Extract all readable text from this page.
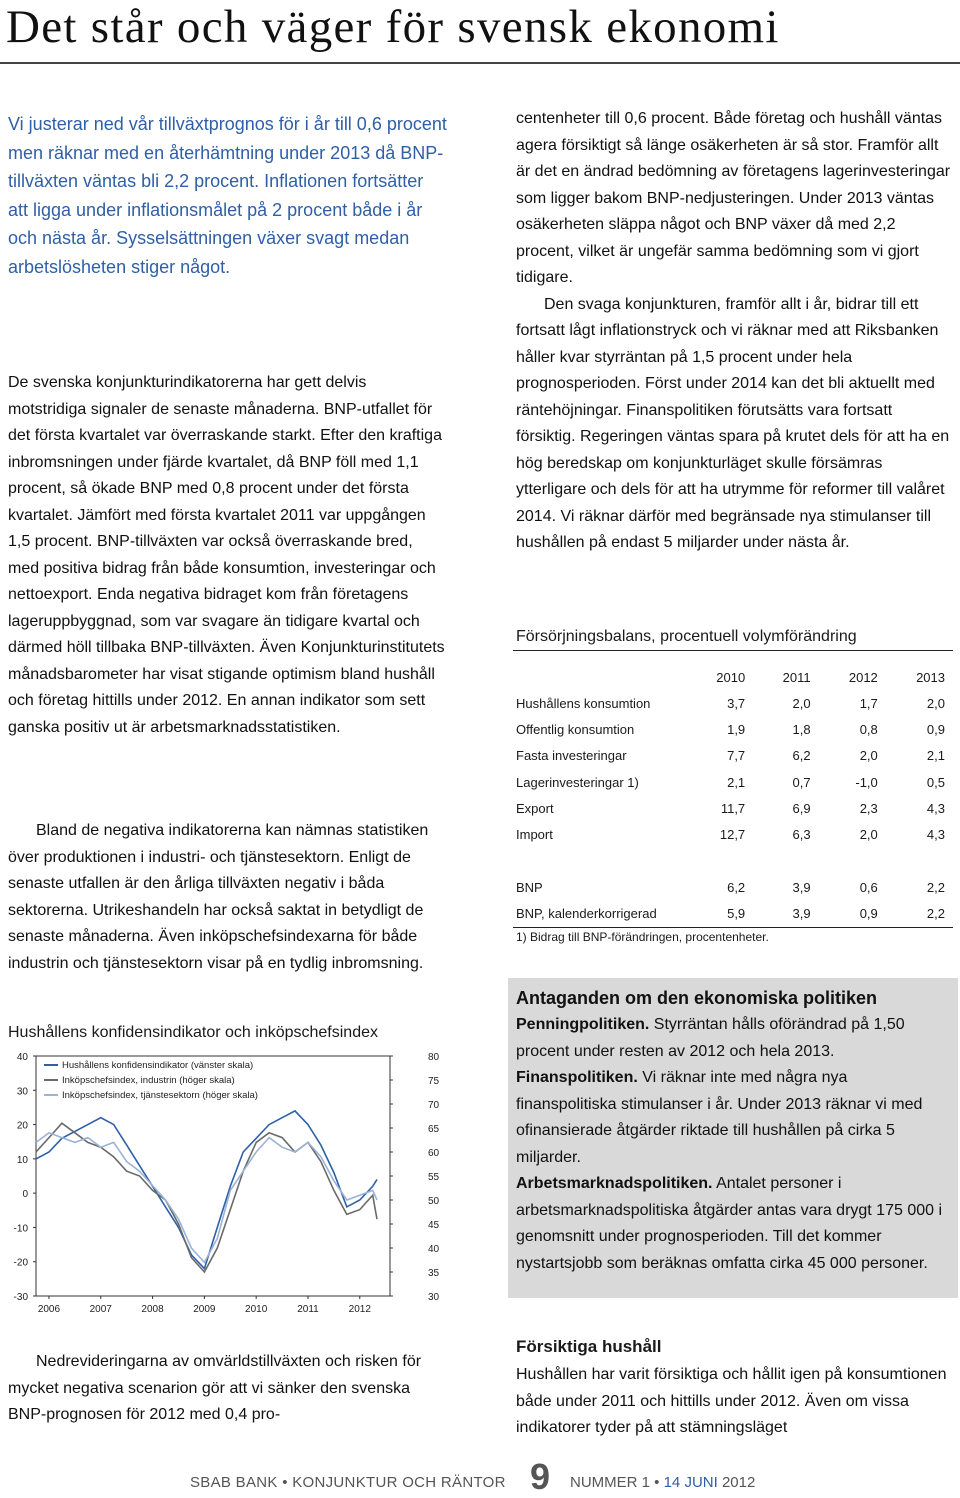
Det står och väger för svensk ekonomi

Vi justerar ned vår tillväxtprognos för i år till 0,6 procent men räknar med en återhämtning under 2013 då BNP-tillväxten väntas bli 2,2 procent. Inflationen fortsätter att ligga under inflationsmålet på 2 procent både i år och nästa år. Sysselsättningen växer svagt medan arbetslösheten stiger något.

De svenska konjunkturindikatorerna har gett delvis motstridiga signaler de senaste månaderna. BNP-utfallet för det första kvartalet var överraskande starkt. Efter den kraftiga inbromsningen under fjärde kvartalet, då BNP föll med 1,1 procent, så ökade BNP med 0,8 procent under det första kvartalet. Jämfört med första kvartalet 2011 var uppgången 1,5 procent. BNP-tillväxten var också överraskande bred, med positiva bidrag från både konsumtion, investeringar och nettoexport. Enda negativa bidraget kom från företagens lageruppbyggnad, som var svagare än tidigare kvartal och därmed höll tillbaka BNP-tillväxten. Även Konjunkturinstitutets månadsbarometer har visat stigande optimism bland hushåll och företag hittills under 2012. En annan indikator som sett ganska positiv ut är arbetsmarknadsstatistiken.

Bland de negativa indikatorerna kan nämnas statistiken över produktionen i industri- och tjänstesektorn. Enligt de senaste utfallen är den årliga tillväxten negativ i båda sektorerna. Utrikeshandeln har också saktat in betydligt de senaste månaderna. Även inköpschefsindexarna för både industrin och tjänstesektorn visar på en tydlig inbromsning.

Hushållens konfidensindikator och inköpschefsindex

40
30
20
10
0
-10
-20
-30
80
75
70
65
60
55
50
45
40
35
30
2006	2007	2008	2009	2010	2011	2012
Hushållens konfidensindikator (vänster skala)
Inköpschefsindex, industrin (höger skala)
Inköpschefsindex, tjänstesektorn (höger skala)

Nedrevideringarna av omvärldstillväxten och risken för mycket negativa scenarion gör att vi sänker den svenska BNP-prognosen för 2012 med 0,4 pro-

centenheter till 0,6 procent. Både företag och hushåll väntas agera försiktigt så länge osäkerheten är så stor. Framför allt är det en ändrad bedömning av företagens lagerinvesteringar som ligger bakom BNP-nedjusteringen. Under 2013 väntas osäkerheten släppa något och BNP växer då med 2,2 procent, vilket är ungefär samma bedömning som vi gjort tidigare.

Den svaga konjunkturen, framför allt i år, bidrar till ett fortsatt lågt inflationstryck och vi räknar med att Riksbanken håller kvar styrräntan på 1,5 procent under hela prognosperioden. Först under 2014 kan det bli aktuellt med räntehöjningar. Finanspolitiken förutsätts vara fortsatt försiktig. Regeringen väntas spara på krutet dels för att ha en hög beredskap om konjunkturläget skulle försämras ytterligare och dels för att ha utrymme för reformer till valåret 2014. Vi räknar därför med begränsade nya stimulanser till hushållen på endast 5 miljarder under nästa år.

Försörjningsbalans, procentuell volymförändring

	2010	2011	2012	2013
Hushållens konsumtion	3,7	2,0	1,7	2,0
Offentlig konsumtion	1,9	1,8	0,8	0,9
Fasta investeringar	7,7	6,2	2,0	2,1
Lagerinvesteringar 1)	2,1	0,7	-1,0	0,5
Export	11,7	6,9	2,3	4,3
Import	12,7	6,3	2,0	4,3

BNP	6,2	3,9	0,6	2,2
BNP, kalenderkorrigerad	5,9	3,9	0,9	2,2

1) Bidrag till BNP-förändringen, procentenheter.

Antaganden om den ekonomiska politiken
Penningpolitiken. Styrräntan hålls oförändrad på 1,50 procent under resten av 2012 och hela 2013.
Finanspolitiken. Vi räknar inte med några nya finanspolitiska stimulanser i år. Under 2013 räknar vi med ofinansierade åtgärder riktade till hushållen på cirka 5 miljarder.
Arbetsmarknadspolitiken. Antalet personer i arbetsmarknadspolitiska åtgärder antas vara drygt 175 000 i genomsnitt under prognosperioden. Till det kommer nystartsjobb som beräknas omfatta cirka 45 000 personer.
Försiktiga hushåll
Hushållen har varit försiktiga och hållit igen på konsumtionen både under 2011 och hittills under 2012. Även om vissa indikatorer tyder på att stämningsläget
SBAB BANK • KONJUNKTUR OCH RÄNTOR 9 NUMMER 1 • 14 JUNI 2012
